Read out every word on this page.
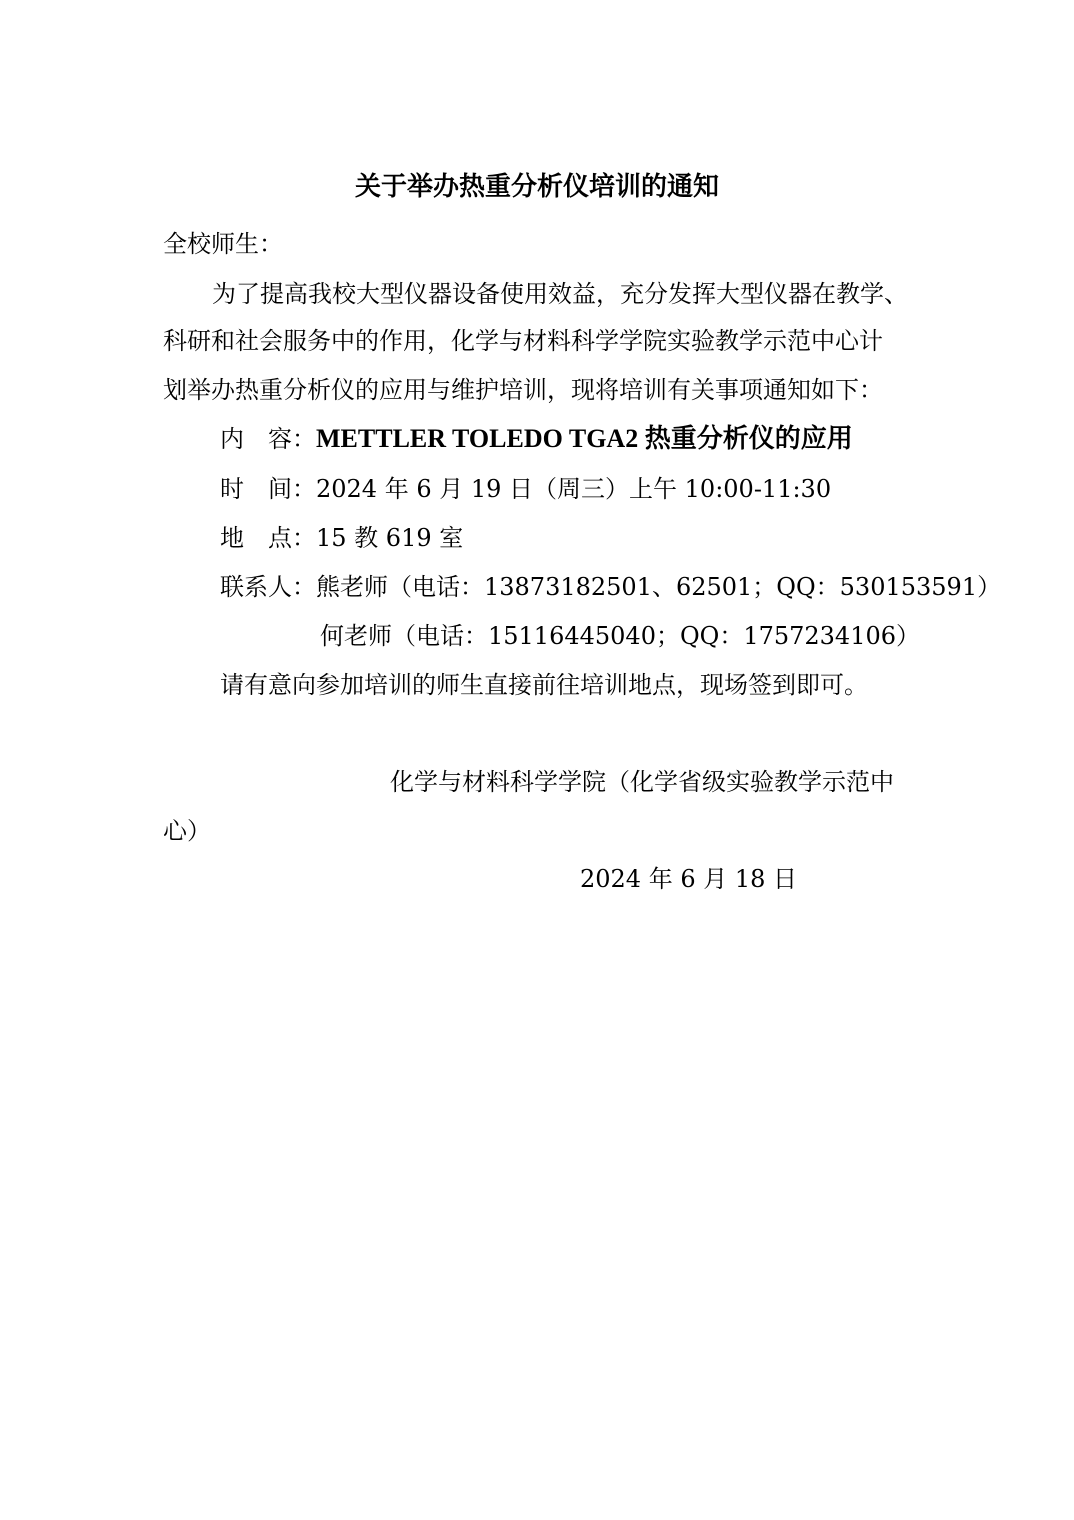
关于举办热重分析仪培训的通知
全校师生：
为了提高我校大型仪器设备使用效益，充分发挥大型仪器在教学、
科研和社会服务中的作用，化学与材料科学学院实验教学示范中心计
划举办热重分析仪的应用与维护培训，现将培训有关事项通知如下：
内　容：METTLER TOLEDO TGA2 热重分析仪的应用
时　间：2024 年 6 月 19 日（周三）上午 10:00-11:30
地　点：15 教 619 室
联系人：熊老师（电话：13873182501、62501；QQ：530153591）
何老师（电话：15116445040；QQ：1757234106）
请有意向参加培训的师生直接前往培训地点，现场签到即可。
化学与材料科学学院（化学省级实验教学示范中
心）
2024 年 6 月 18 日
